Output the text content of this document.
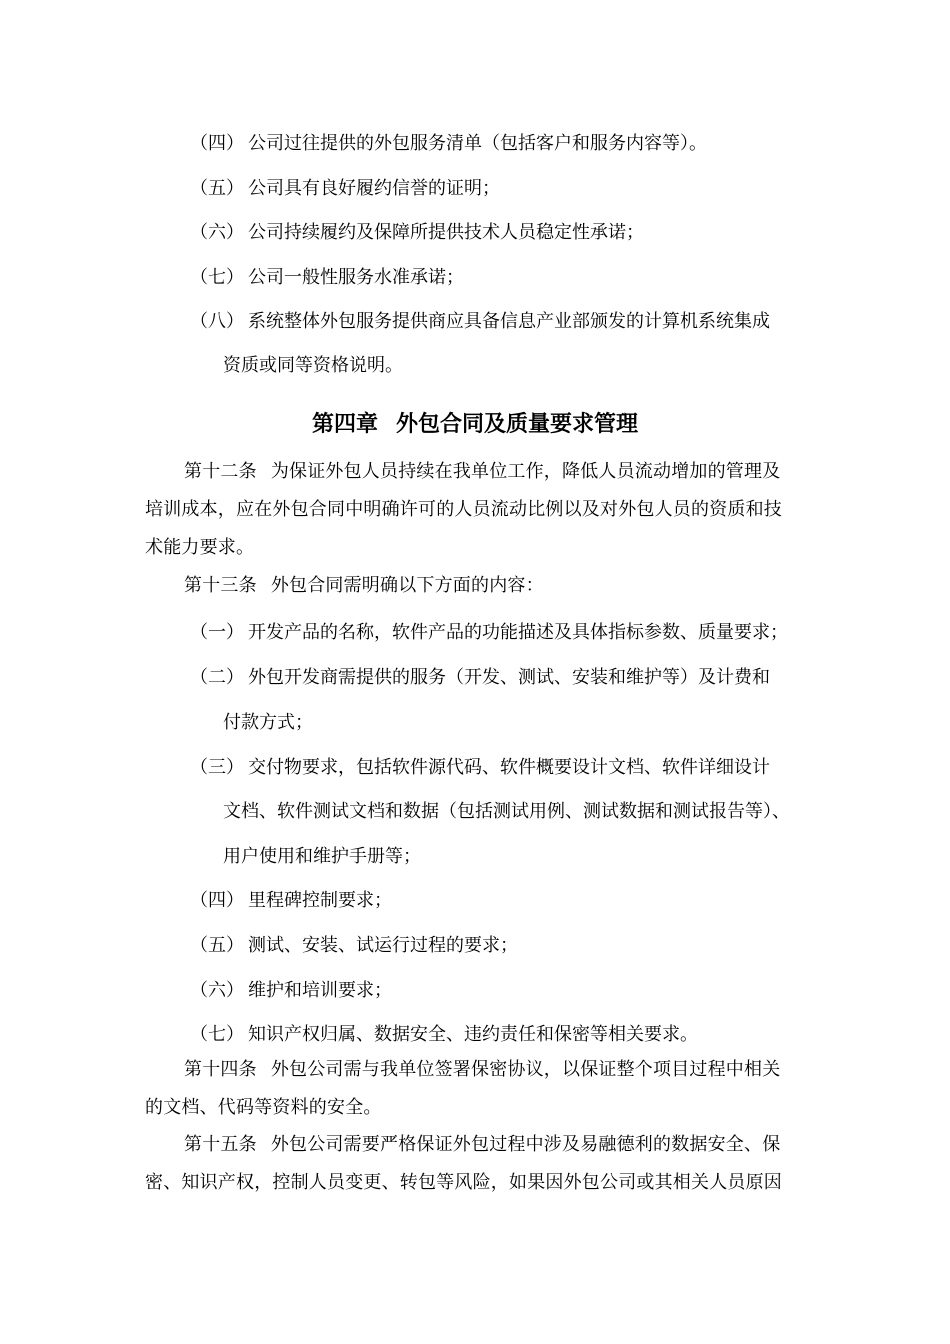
（四） 公司过往提供的外包服务清单（包括客户和服务内容等）。
（五） 公司具有良好履约信誉的证明；
（六） 公司持续履约及保障所提供技术人员稳定性承诺；
（七） 公司一般性服务水准承诺；
（八） 系统整体外包服务提供商应具备信息产业部颁发的计算机系统集成
资质或同等资格说明。
第四章 外包合同及质量要求管理
第十二条 为保证外包人员持续在我单位工作，降低人员流动增加的管理及
培训成本，应在外包合同中明确许可的人员流动比例以及对外包人员的资质和技
术能力要求。
第十三条 外包合同需明确以下方面的内容：
（一） 开发产品的名称，软件产品的功能描述及具体指标参数、质量要求；
（二） 外包开发商需提供的服务（开发、测试、安装和维护等）及计费和
付款方式；
（三） 交付物要求，包括软件源代码、软件概要设计文档、软件详细设计
文档、软件测试文档和数据（包括测试用例、测试数据和测试报告等）、
用户使用和维护手册等；
（四） 里程碑控制要求；
（五） 测试、安装、试运行过程的要求；
（六） 维护和培训要求；
（七） 知识产权归属、数据安全、违约责任和保密等相关要求。
第十四条 外包公司需与我单位签署保密协议，以保证整个项目过程中相关
的文档、代码等资料的安全。
第十五条 外包公司需要严格保证外包过程中涉及易融德利的数据安全、保
密、知识产权，控制人员变更、转包等风险，如果因外包公司或其相关人员原因
